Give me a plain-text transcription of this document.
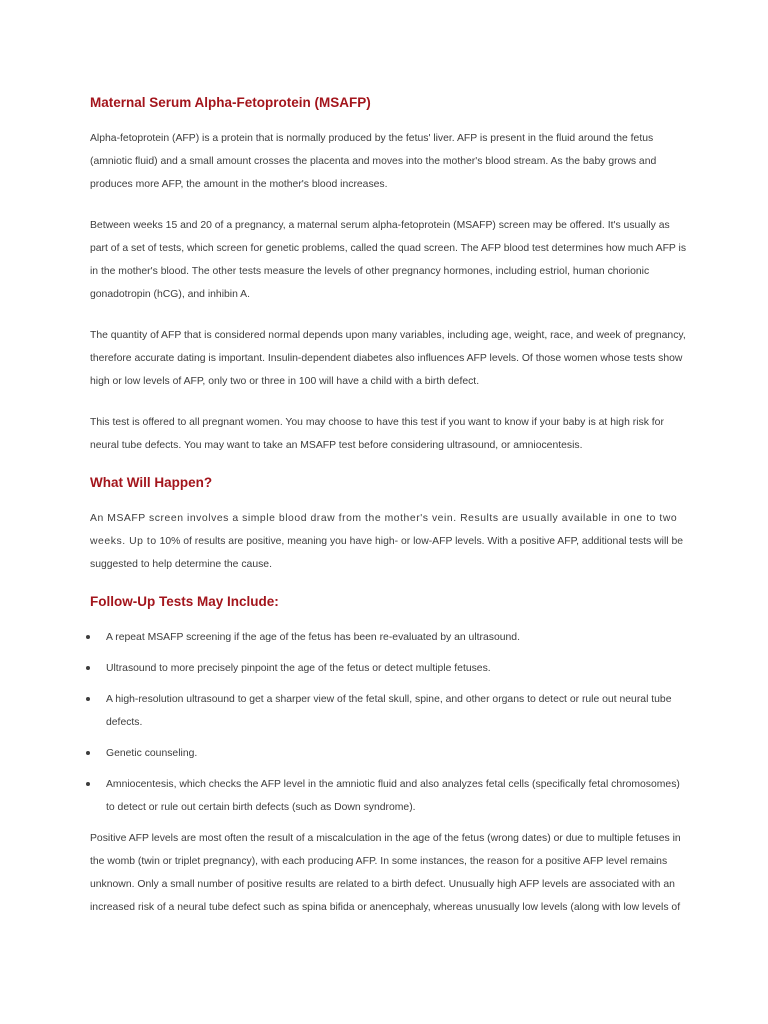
Maternal Serum Alpha-Fetoprotein (MSAFP)

Alpha-fetoprotein (AFP) is a protein that is normally produced by the fetus' liver. AFP is present in the fluid around the fetus (amniotic fluid) and a small amount crosses the placenta and moves into the mother's blood stream. As the baby grows and produces more AFP, the amount in the mother's blood increases.

Between weeks 15 and 20 of a pregnancy, a maternal serum alpha-fetoprotein (MSAFP) screen may be offered. It's usually as part of a set of tests, which screen for genetic problems, called the quad screen. The AFP blood test determines how much AFP is in the mother's blood. The other tests measure the levels of other pregnancy hormones, including estriol, human chorionic gonadotropin (hCG), and inhibin A.

The quantity of AFP that is considered normal depends upon many variables, including age, weight, race, and week of pregnancy, therefore accurate dating is important. Insulin-dependent diabetes also influences AFP levels. Of those women whose tests show high or low levels of AFP, only two or three in 100 will have a child with a birth defect.

This test is offered to all pregnant women. You may choose to have this test if you want to know if your baby is at high risk for neural tube defects. You may want to take an MSAFP test before considering ultrasound, or amniocentesis.

What Will Happen?

An MSAFP screen involves a simple blood draw from the mother's vein. Results are usually available in one to two weeks. Up to 10% of results are positive, meaning you have high- or low-AFP levels. With a positive AFP, additional tests will be suggested to help determine the cause.

Follow-Up Tests May Include:
A repeat MSAFP screening if the age of the fetus has been re-evaluated by an ultrasound.
Ultrasound to more precisely pinpoint the age of the fetus or detect multiple fetuses.
A high-resolution ultrasound to get a sharper view of the fetal skull, spine, and other organs to detect or rule out neural tube defects.
Genetic counseling.
Amniocentesis, which checks the AFP level in the amniotic fluid and also analyzes fetal cells (specifically fetal chromosomes) to detect or rule out certain birth defects (such as Down syndrome).

Positive AFP levels are most often the result of a miscalculation in the age of the fetus (wrong dates) or due to multiple fetuses in the womb (twin or triplet pregnancy), with each producing AFP. In some instances, the reason for a positive AFP level remains unknown. Only a small number of positive results are related to a birth defect. Unusually high AFP levels are associated with an increased risk of a neural tube defect such as spina bifida or anencephaly, whereas unusually low levels (along with low levels of
